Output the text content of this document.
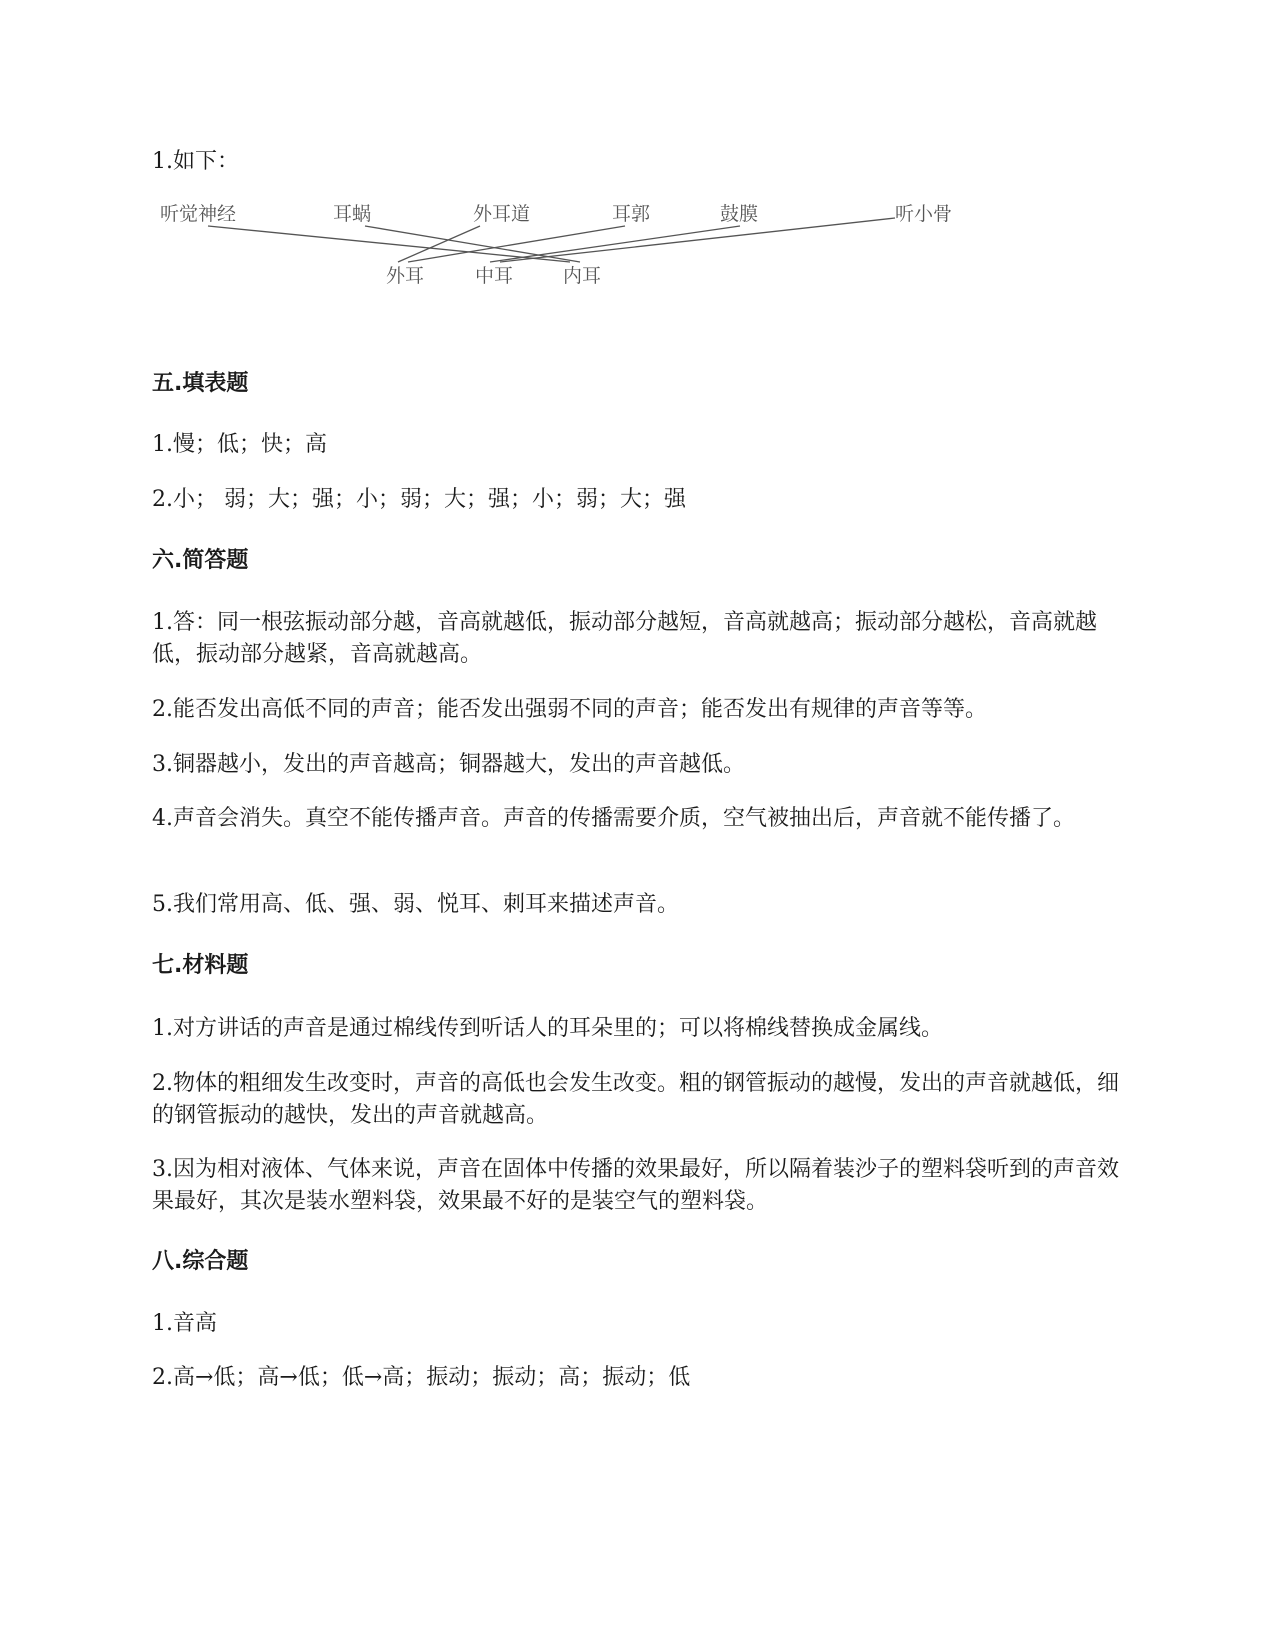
1.如下：
听觉神经	耳蜗	外耳道	耳郭	鼓膜	听小骨
外耳	中耳	内耳
五.填表题
1.慢；低；快；高
2.小； 弱；大；强；小；弱；大；强；小；弱；大；强
六.简答题
1.答：同一根弦振动部分越，音高就越低，振动部分越短，音高就越高；振动部分越松，音高就越低，振动部分越紧，音高就越高。
2.能否发出高低不同的声音；能否发出强弱不同的声音；能否发出有规律的声音等等。
3.铜器越小，发出的声音越高；铜器越大，发出的声音越低。
4.声音会消失。真空不能传播声音。声音的传播需要介质，空气被抽出后，声音就不能传播了。
5.我们常用高、低、强、弱、悦耳、刺耳来描述声音。
七.材料题
1.对方讲话的声音是通过棉线传到听话人的耳朵里的；可以将棉线替换成金属线。
2.物体的粗细发生改变时，声音的高低也会发生改变。粗的钢管振动的越慢，发出的声音就越低，细的钢管振动的越快，发出的声音就越高。
3.因为相对液体、气体来说，声音在固体中传播的效果最好，所以隔着装沙子的塑料袋听到的声音效果最好，其次是装水塑料袋，效果最不好的是装空气的塑料袋。
八.综合题
1.音高
2.高→低；高→低；低→高；振动；振动；高；振动；低
